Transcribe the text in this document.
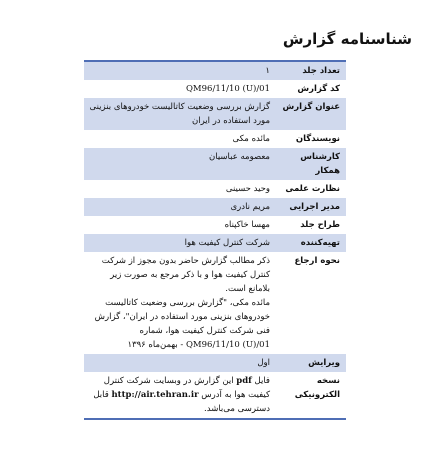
شناسنامه گزارش
تعداد جلد	۱
کد گزارش	QM96/11/10 (U)/01
عنوان گزارش	گزارش بررسی وضعیت کاتالیست خودروهای بنزینی مورد استفاده در ایران
نویسندگان	مائده مکی
کارشناس همکار	معصومه عباسیان
نظارت علمی	وحید حسینی
مدیر اجرایی	مریم نادری
طراح جلد	مهسا خاکپناه
تهیه‌کننده	شرکت کنترل کیفیت هوا
نحوه ارجاع	ذکر مطالب گزارش حاضر بدون مجوز از شرکت کنترل کیفیت هوا و با ذکر مرجع به صورت زیر بلامانع است.
مائده مکی، "گزارش بررسی وضعیت کاتالیست خودروهای بنزینی مورد استفاده در ایران"، گزارش فنی شرکت کنترل کیفیت هوا، شماره QM96/11/10 (U)/01 - بهمن‌ماه ۱۳۹۶

ویرایش	اول
نسخه الکترونیکی	فایل pdf این گزارش در وبسایت شرکت کنترل کیفیت هوا به آدرس http://air.tehran.ir قابل دسترسی می‌باشد.
